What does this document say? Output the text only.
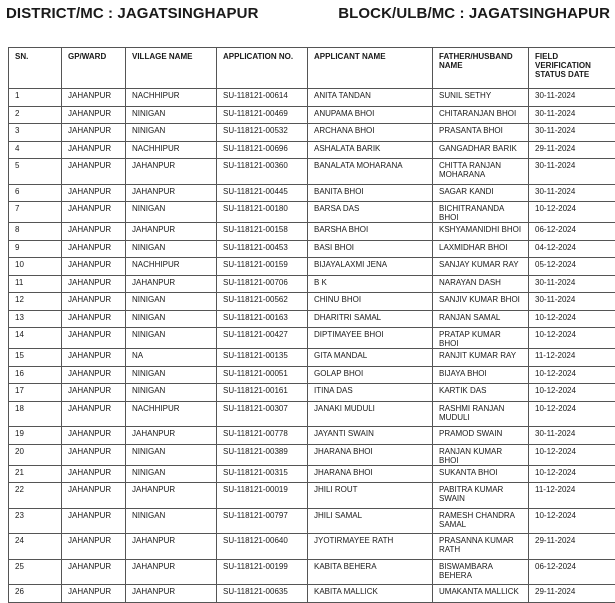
DISTRICT/MC : JAGATSINGHAPUR	BLOCK/ULB/MC : JAGATSINGHAPUR
SN.	GP/WARD	VILLAGE NAME	APPLICATION NO.	APPLICANT NAME	FATHER/HUSBAND NAME	FIELD VERIFICATION STATUS DATE
1	JAHANPUR	NACHHIPUR	SU-118121-00614	ANITA TANDAN	SUNIL SETHY	30-11-2024
2	JAHANPUR	NINIGAN	SU-118121-00469	ANUPAMA BHOI	CHITARANJAN BHOI	30-11-2024
3	JAHANPUR	NINIGAN	SU-118121-00532	ARCHANA BHOI	PRASANTA BHOI	30-11-2024
4	JAHANPUR	NACHHIPUR	SU-118121-00696	ASHALATA BARIK	GANGADHAR BARIK	29-11-2024
5	JAHANPUR	JAHANPUR	SU-118121-00360	BANALATA MOHARANA	CHITTA RANJAN MOHARANA	30-11-2024
6	JAHANPUR	JAHANPUR	SU-118121-00445	BANITA BHOI	SAGAR KANDI	30-11-2024
7	JAHANPUR	NINIGAN	SU-118121-00180	BARSA DAS	BICHITRANANDA BHOI	10-12-2024
8	JAHANPUR	JAHANPUR	SU-118121-00158	BARSHA BHOI	KSHYAMANIDHI BHOI	06-12-2024
9	JAHANPUR	NINIGAN	SU-118121-00453	BASI BHOI	LAXMIDHAR BHOI	04-12-2024
10	JAHANPUR	NACHHIPUR	SU-118121-00159	BIJAYALAXMI JENA	SANJAY KUMAR RAY	05-12-2024
11	JAHANPUR	JAHANPUR	SU-118121-00706	B K	NARAYAN DASH	30-11-2024
12	JAHANPUR	NINIGAN	SU-118121-00562	CHINU BHOI	SANJIV KUMAR BHOI	30-11-2024
13	JAHANPUR	NINIGAN	SU-118121-00163	DHARITRI SAMAL	RANJAN SAMAL	10-12-2024
14	JAHANPUR	NINIGAN	SU-118121-00427	DIPTIMAYEE BHOI	PRATAP KUMAR BHOI	10-12-2024
15	JAHANPUR	NA	SU-118121-00135	GITA MANDAL	RANJIT KUMAR RAY	11-12-2024
16	JAHANPUR	NINIGAN	SU-118121-00051	GOLAP BHOI	BIJAYA BHOI	10-12-2024
17	JAHANPUR	NINIGAN	SU-118121-00161	ITINA DAS	KARTIK DAS	10-12-2024
18	JAHANPUR	NACHHIPUR	SU-118121-00307	JANAKI MUDULI	RASHMI RANJAN MUDULI	10-12-2024
19	JAHANPUR	JAHANPUR	SU-118121-00778	JAYANTI SWAIN	PRAMOD SWAIN	30-11-2024
20	JAHANPUR	NINIGAN	SU-118121-00389	JHARANA BHOI	RANJAN KUMAR BHOI	10-12-2024
21	JAHANPUR	NINIGAN	SU-118121-00315	JHARANA BHOI	SUKANTA BHOI	10-12-2024
22	JAHANPUR	JAHANPUR	SU-118121-00019	JHILI ROUT	PABITRA KUMAR SWAIN	11-12-2024
23	JAHANPUR	NINIGAN	SU-118121-00797	JHILI SAMAL	RAMESH CHANDRA SAMAL	10-12-2024
24	JAHANPUR	JAHANPUR	SU-118121-00640	JYOTIRMAYEE RATH	PRASANNA KUMAR RATH	29-11-2024
25	JAHANPUR	JAHANPUR	SU-118121-00199	KABITA BEHERA	BISWAMBARA BEHERA	06-12-2024
26	JAHANPUR	JAHANPUR	SU-118121-00635	KABITA MALLICK	UMAKANTA MALLICK	29-11-2024
